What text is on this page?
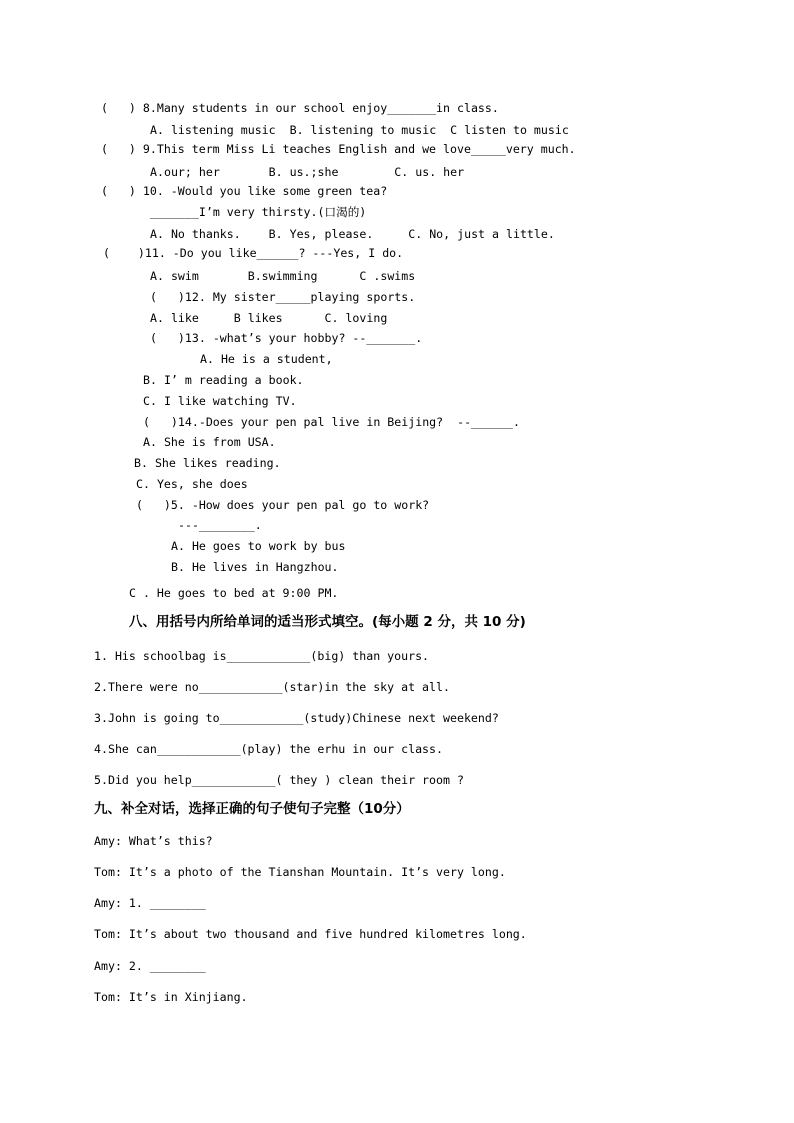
(   ) 8.Many students in our school enjoy_______in class.
A. listening music  B. listening to music  C listen to music
(   ) 9.This term Miss Li teaches English and we love_____very much.
A.our; her       B. us.;she        C. us. her
(   ) 10. -Would you like some green tea?
_______I’m very thirsty.(口渴的)
A. No thanks.    B. Yes, please.     C. No, just a little.
(    )11. -Do you like______? ---Yes, I do.
A. swim       B.swimming      C .swims
(   )12. My sister_____playing sports.
A. like     B likes      C. loving
(   )13. -what’s your hobby? --_______.
A. He is a student,
B. I’ m reading a book.
C. I like watching TV.
(   )14.-Does your pen pal live in Beijing?  --______.
A. She is from USA.
B. She likes reading.
C. Yes, she does
(   )5. -How does your pen pal go to work?
---________.
A. He goes to work by bus
B. He lives in Hangzhou.
C . He goes to bed at 9:00 PM.
八、用括号内所给单词的适当形式填空。(每小题 2 分，共 10 分)
1. His schoolbag is____________(big) than yours.
2.There were no____________(star)in the sky at all.
3.John is going to____________(study)Chinese next weekend?
4.She can____________(play) the erhu in our class.
5.Did you help____________( they ) clean their room ?
九、补全对话，选择正确的句子使句子完整（10分）
Amy: What’s this?
Tom: It’s a photo of the Tianshan Mountain. It’s very long.
Amy: 1. ________
Tom: It’s about two thousand and five hundred kilometres long.
Amy: 2. ________
Tom: It’s in Xinjiang.
